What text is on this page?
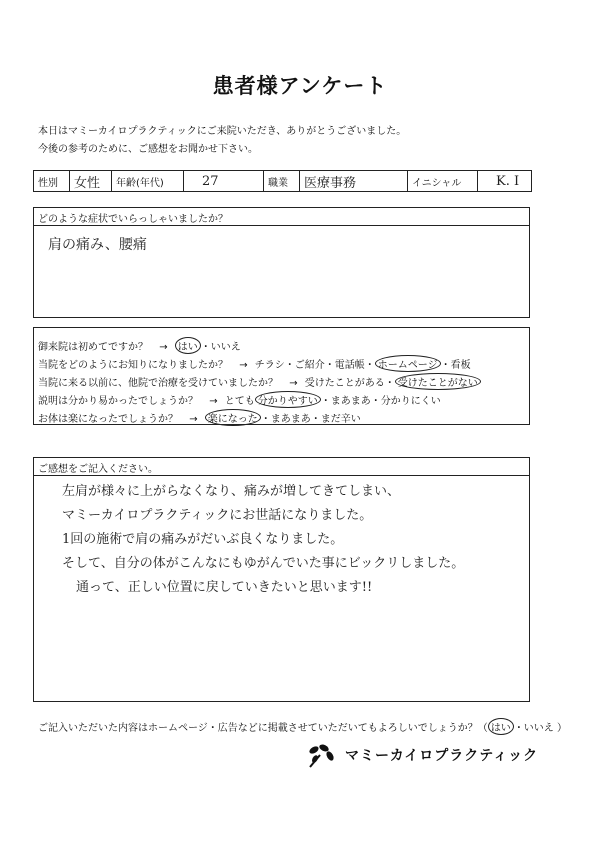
患者様アンケート
本日はマミーカイロプラクティックにご来院いただき、ありがとうございました。
今後の参考のために、ご感想をお聞かせ下さい。
性別 女性 年齢(年代)	27	職業 医療事務	イニシャル	K. I
どのような症状でいらっしゃいましたか？
肩の痛み、腰痛
御来院は初めてですか？ → はい ・いいえ
当院をどのようにお知りになりましたか？ → チラシ・ご紹介・電話帳・ ホームページ ・看板
当院に来る以前に、他院で治療を受けていましたか？ → 受けたことがある・ 受けたことがない
説明は分かり易かったでしょうか？ → とても 分かりやすい ・まあまあ・分かりにくい
お体は楽になったでしょうか？ → 楽になった ・まあまあ・まだ辛い
ご感想をご記入ください。
左肩が様々に上がらなくなり、痛みが増してきてしまい、
マミーカイロプラクティックにお世話になりました。
1回の施術で肩の痛みがだいぶ良くなりました。
そして、自分の体がこんなにもゆがんでいた事にビックリしました。
通って、正しい位置に戻していきたいと思います!!
ご記入いただいた内容はホームページ・広告などに掲載させていただいてもよろしいでしょうか？（ はい ・いいえ ）
マミーカイロプラクティック
